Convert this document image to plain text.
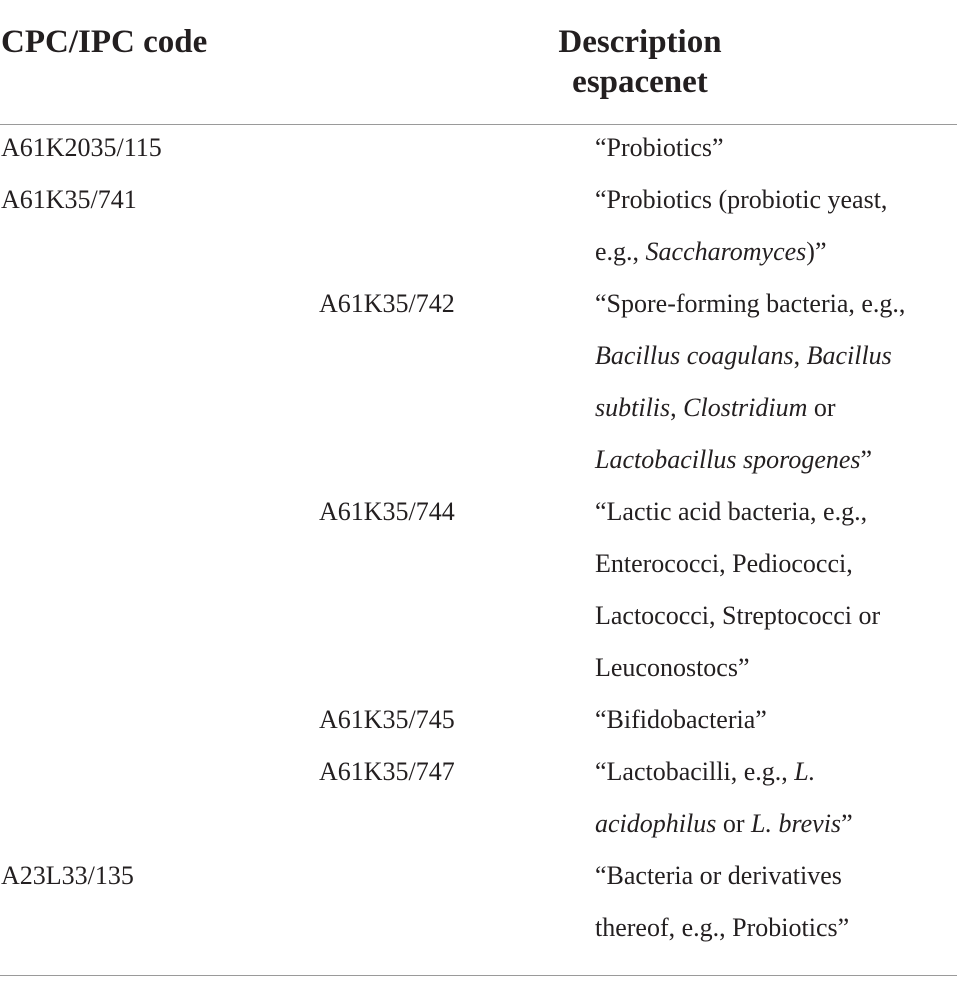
CPC/IPC code	Description
espacenet
A61K2035/115	“Probiotics”
A61K35/741	“Probiotics (probiotic yeast,
e.g., Saccharomyces)”
A61K35/742	“Spore-forming bacteria, e.g.,
Bacillus coagulans, Bacillus
subtilis, Clostridium or
Lactobacillus sporogenes”
A61K35/744	“Lactic acid bacteria, e.g.,
Enterococci, Pediococci,
Lactococci, Streptococci or
Leuconostocs”
A61K35/745	“Bifidobacteria”
A61K35/747	“Lactobacilli, e.g., L.
acidophilus or L. brevis”
A23L33/135	“Bacteria or derivatives
thereof, e.g., Probiotics”
